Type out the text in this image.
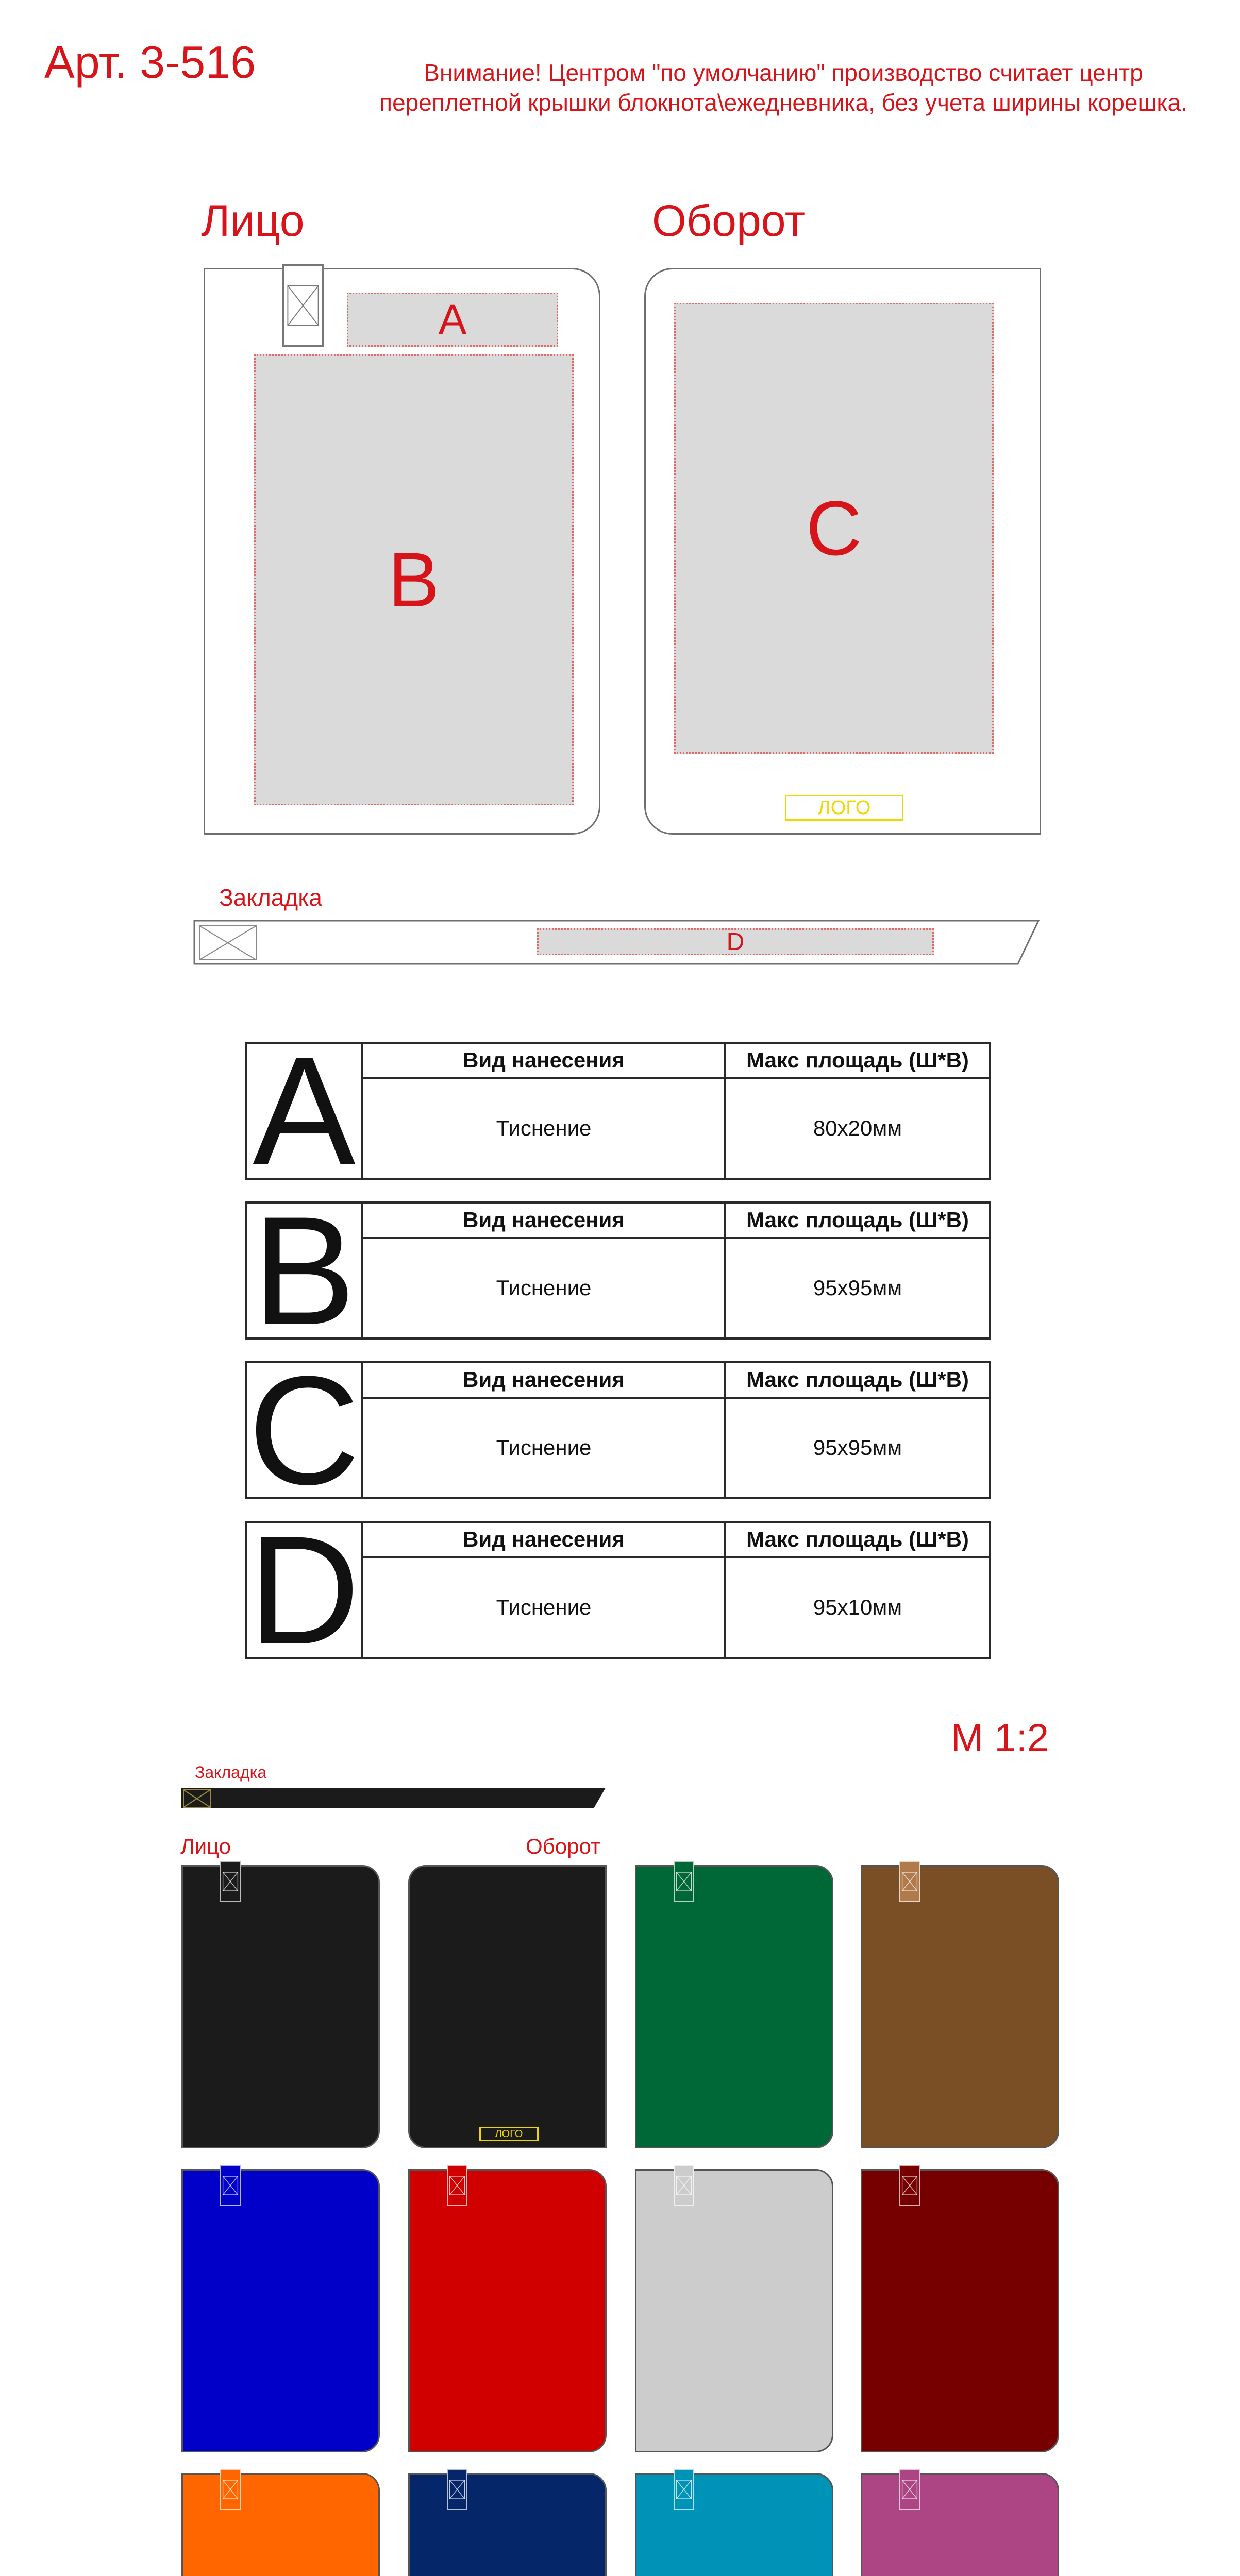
Арт. 3-516	Внимание! Центром "по умолчанию" производство считает центр
переплетной крышки блокнота\ежедневника, без учета ширины корешка.
Лицо	Оборот
A
B
C
ЛОГО
Закладка
D
A	Вид нанесения	Макс площадь (Ш*В)
	Тиснение	80x20мм
B	Вид нанесения	Макс площадь (Ш*В)
	Тиснение	95x95мм
C	Вид нанесения	Макс площадь (Ш*В)
	Тиснение	95x95мм
D	Вид нанесения	Макс площадь (Ш*В)
	Тиснение	95x10мм
М 1:2
Закладка
Лицо	Оборот
ЛОГО
